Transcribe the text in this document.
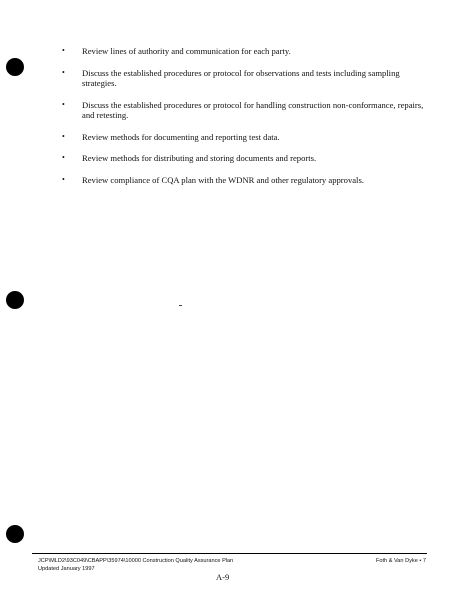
• Review lines of authority and communication for each party.
• Discuss the established procedures or protocol for observations and tests including sampling strategies.
• Discuss the established procedures or protocol for handling construction non-conformance, repairs, and retesting.
• Review methods for documenting and reporting test data.
• Review methods for distributing and storing documents and reports.
• Review compliance of CQA plan with the WDNR and other regulatory approvals.
JCP\MLD2\93C049\CBAPP\35974\10000 Construction Quality Assurance Plan
Updated January 1997
Foth & Van Dyke • 7
A-9
